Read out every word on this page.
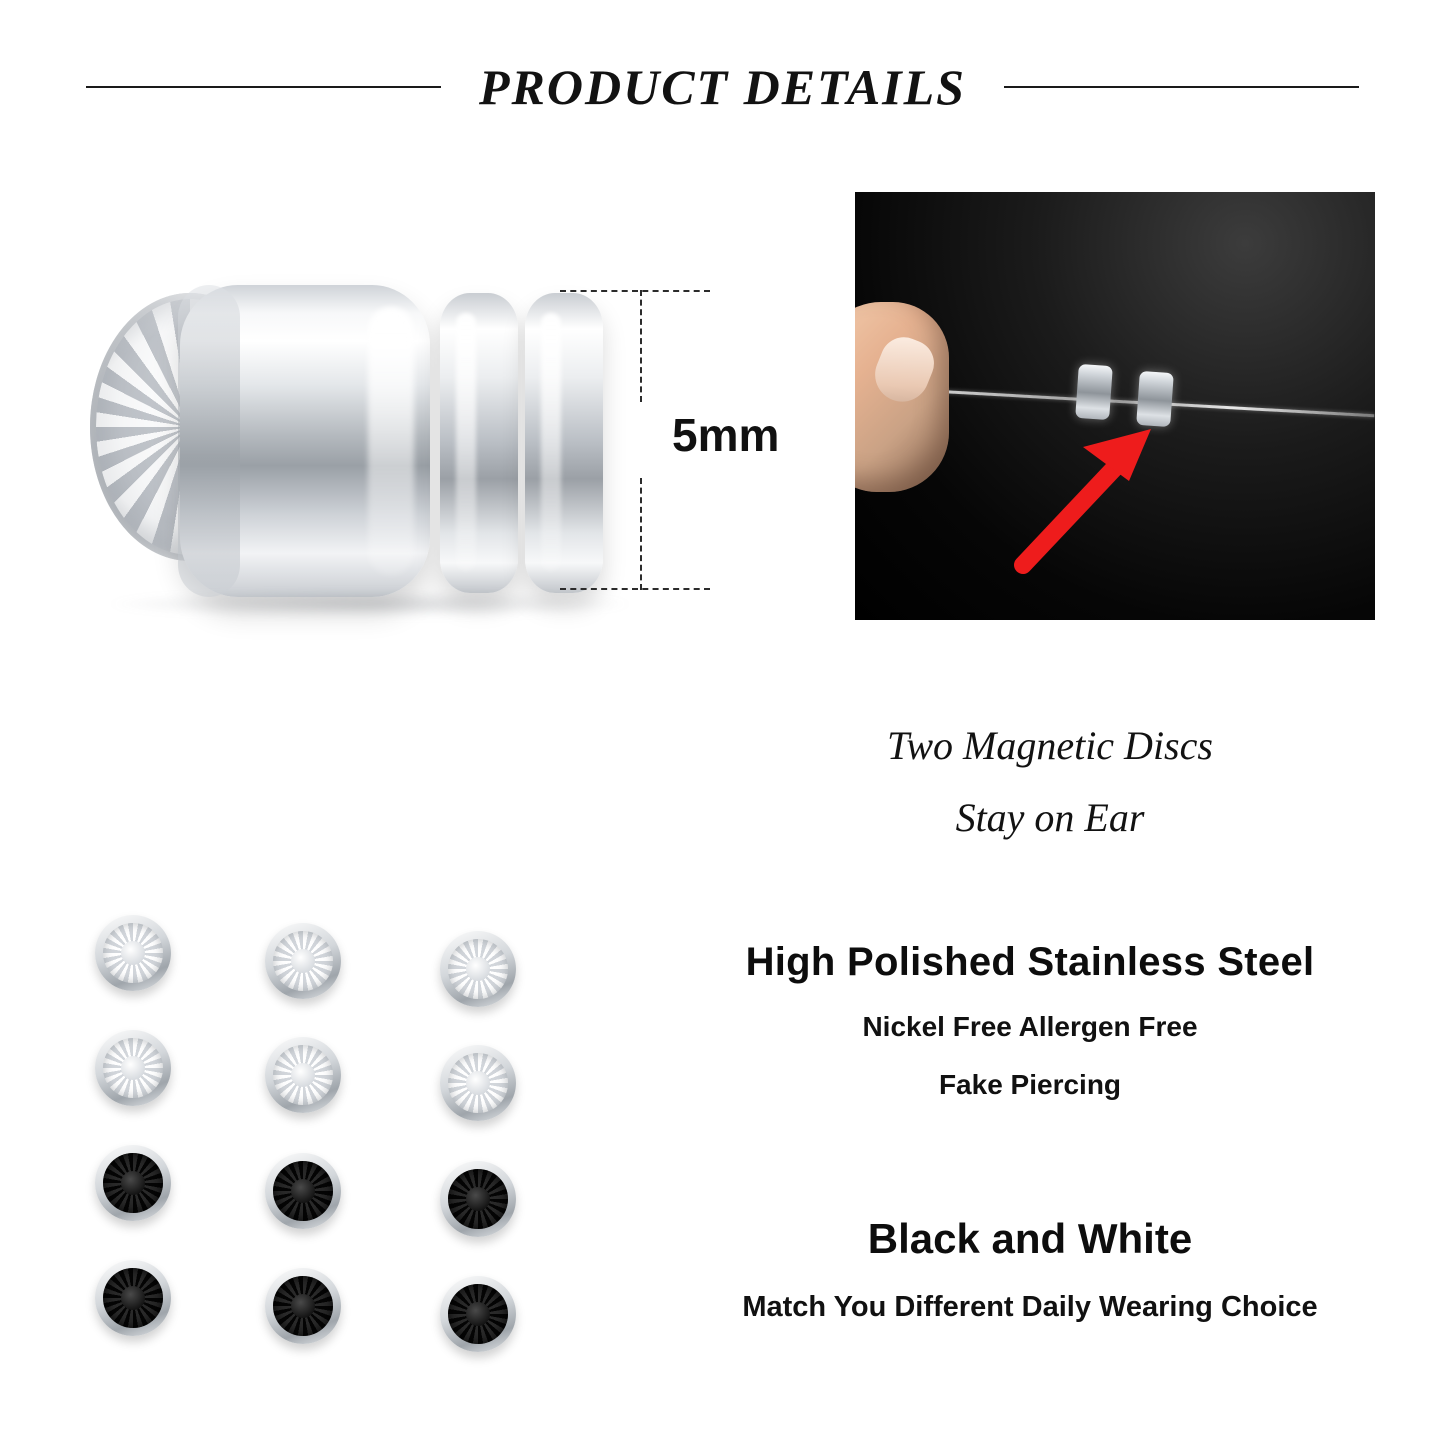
PRODUCT DETAILS
5mm
Two Magnetic Discs
Stay on Ear
High Polished Stainless Steel
Nickel Free Allergen Free
Fake Piercing
Black and White
Match You Different Daily Wearing Choice
